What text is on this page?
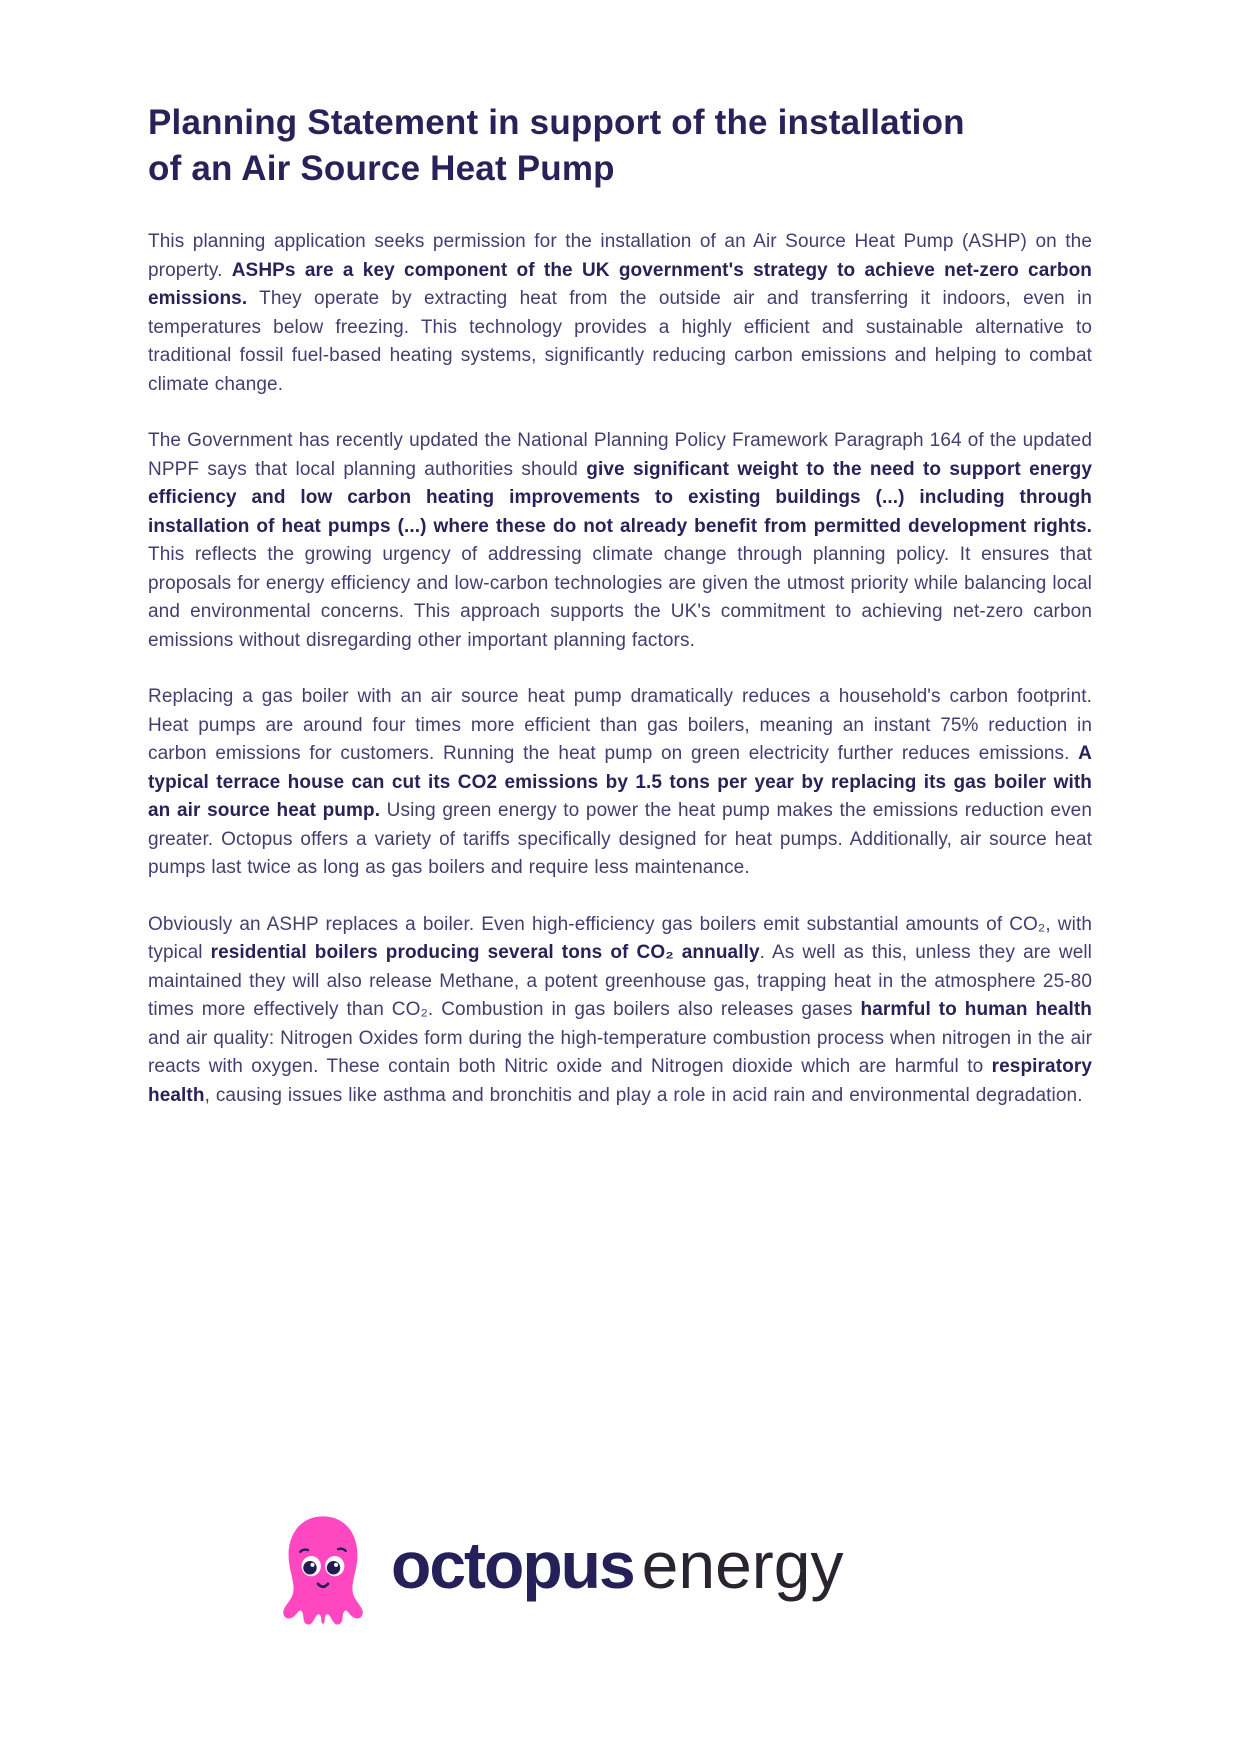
Planning Statement in support of the installation
of an Air Source Heat Pump

This planning application seeks permission for the installation of an Air Source Heat Pump (ASHP) on the property. ASHPs are a key component of the UK government's strategy to achieve net-zero carbon emissions. They operate by extracting heat from the outside air and transferring it indoors, even in temperatures below freezing. This technology provides a highly efficient and sustainable alternative to traditional fossil fuel-based heating systems, significantly reducing carbon emissions and helping to combat climate change.

The Government has recently updated the National Planning Policy Framework Paragraph 164 of the updated NPPF says that local planning authorities should give significant weight to the need to support energy efficiency and low carbon heating improvements to existing buildings (...) including through installation of heat pumps (...) where these do not already benefit from permitted development rights. This reflects the growing urgency of addressing climate change through planning policy. It ensures that proposals for energy efficiency and low-carbon technologies are given the utmost priority while balancing local and environmental concerns. This approach supports the UK's commitment to achieving net-zero carbon emissions without disregarding other important planning factors.

Replacing a gas boiler with an air source heat pump dramatically reduces a household's carbon footprint. Heat pumps are around four times more efficient than gas boilers, meaning an instant 75% reduction in carbon emissions for customers. Running the heat pump on green electricity further reduces emissions. A typical terrace house can cut its CO2 emissions by 1.5 tons per year by replacing its gas boiler with an air source heat pump. Using green energy to power the heat pump makes the emissions reduction even greater. Octopus offers a variety of tariffs specifically designed for heat pumps. Additionally, air source heat pumps last twice as long as gas boilers and require less maintenance.

Obviously an ASHP replaces a boiler. Even high-efficiency gas boilers emit substantial amounts of CO₂, with typical residential boilers producing several tons of CO₂ annually. As well as this, unless they are well maintained they will also release Methane, a potent greenhouse gas, trapping heat in the atmosphere 25-80 times more effectively than CO₂. Combustion in gas boilers also releases gases harmful to human health and air quality: Nitrogen Oxides form during the high-temperature combustion process when nitrogen in the air reacts with oxygen. These contain both Nitric oxide and Nitrogen dioxide which are harmful to respiratory health, causing issues like asthma and bronchitis and play a role in acid rain and environmental degradation.

octopus energy
